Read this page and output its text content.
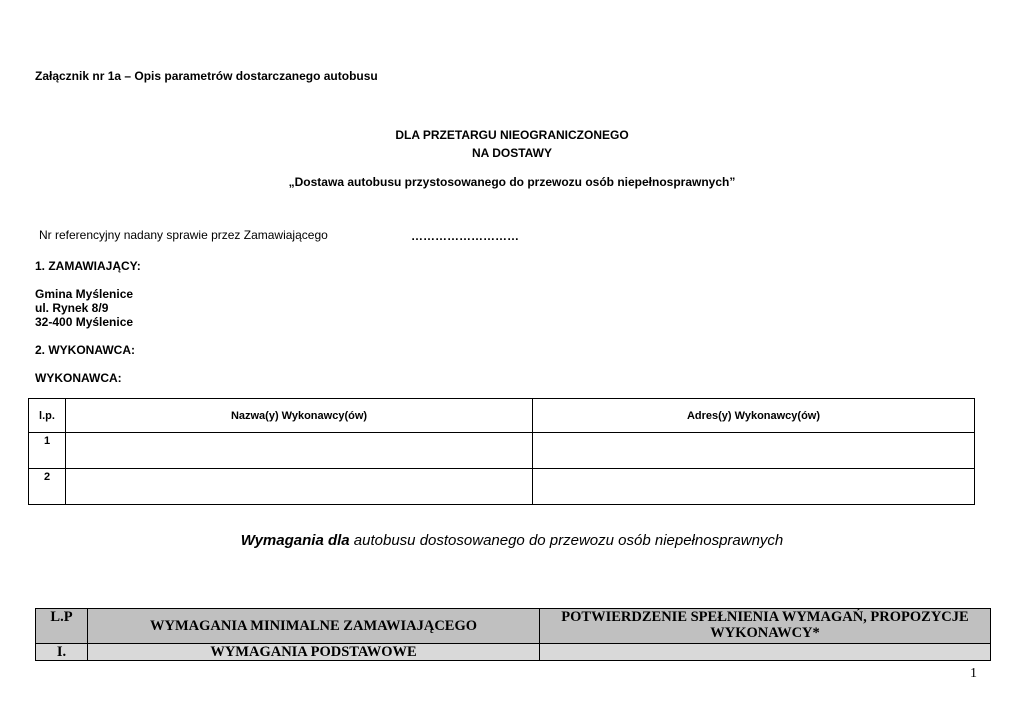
Załącznik nr 1a – Opis parametrów dostarczanego autobusu
DLA PRZETARGU NIEOGRANICZONEGO
NA DOSTAWY
„Dostawa autobusu przystosowanego do przewozu osób niepełnosprawnych”
Nr referencyjny nadany sprawie przez Zamawiającego	………………………
1. ZAMAWIAJĄCY:
Gmina Myślenice
ul. Rynek 8/9
32-400 Myślenice
2. WYKONAWCA:
WYKONAWCA:
l.p.	Nazwa(y) Wykonawcy(ów)	Adres(y) Wykonawcy(ów)
1		
2		
Wymagania dla autobusu dostosowanego do przewozu osób niepełnosprawnych
L.P	WYMAGANIA MINIMALNE ZAMAWIAJĄCEGO	POTWIERDZENIE SPEŁNIENIA WYMAGAŃ, PROPOZYCJE WYKONAWCY*
I.	WYMAGANIA PODSTAWOWE	
1
